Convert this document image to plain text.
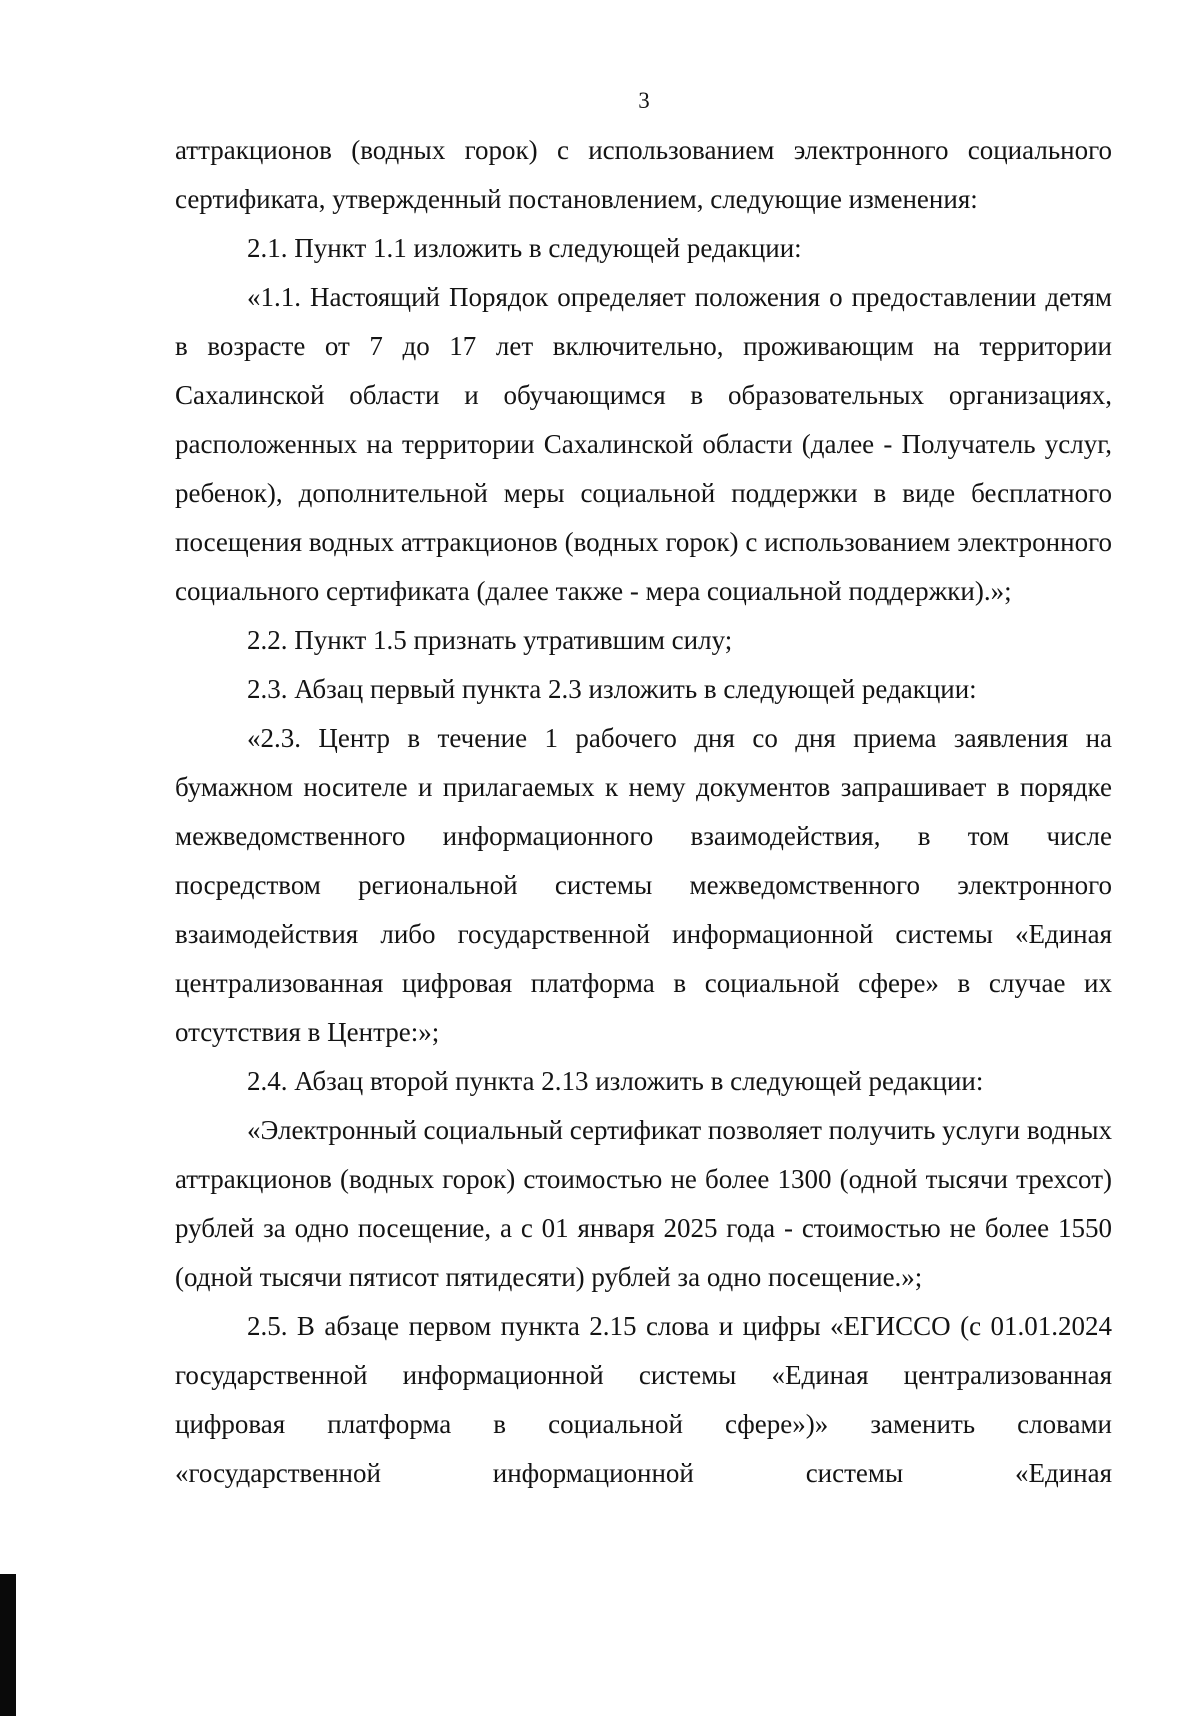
3

аттракционов (водных горок) с использованием электронного социального сертификата, утвержденный постановлением, следующие изменения:

2.1. Пункт 1.1 изложить в следующей редакции:

«1.1. Настоящий Порядок определяет положения о предоставлении детям в возрасте от 7 до 17 лет включительно, проживающим на территории Сахалинской области и обучающимся в образовательных организациях, расположенных на территории Сахалинской области (далее - Получатель услуг, ребенок), дополнительной меры социальной поддержки в виде бесплатного посещения водных аттракционов (водных горок) с использованием электронного социального сертификата (далее также - мера социальной поддержки).»;

2.2. Пункт 1.5 признать утратившим силу;

2.3. Абзац первый пункта 2.3 изложить в следующей редакции:

«2.3. Центр в течение 1 рабочего дня со дня приема заявления на бумажном носителе и прилагаемых к нему документов запрашивает в порядке межведомственного информационного взаимодействия, в том числе посредством региональной системы межведомственного электронного взаимодействия либо государственной информационной системы «Единая централизованная цифровая платформа в социальной сфере» в случае их отсутствия в Центре:»;

2.4. Абзац второй пункта 2.13 изложить в следующей редакции:

«Электронный социальный сертификат позволяет получить услуги водных аттракционов (водных горок) стоимостью не более 1300 (одной тысячи трехсот) рублей за одно посещение, а с 01 января 2025 года - стоимостью не более 1550 (одной тысячи пятисот пятидесяти) рублей за одно посещение.»;

2.5. В абзаце первом пункта 2.15 слова и цифры «ЕГИССО (с 01.01.2024 государственной информационной системы «Единая централизованная цифровая платформа в социальной сфере»)» заменить словами «государственной информационной системы «Единая
